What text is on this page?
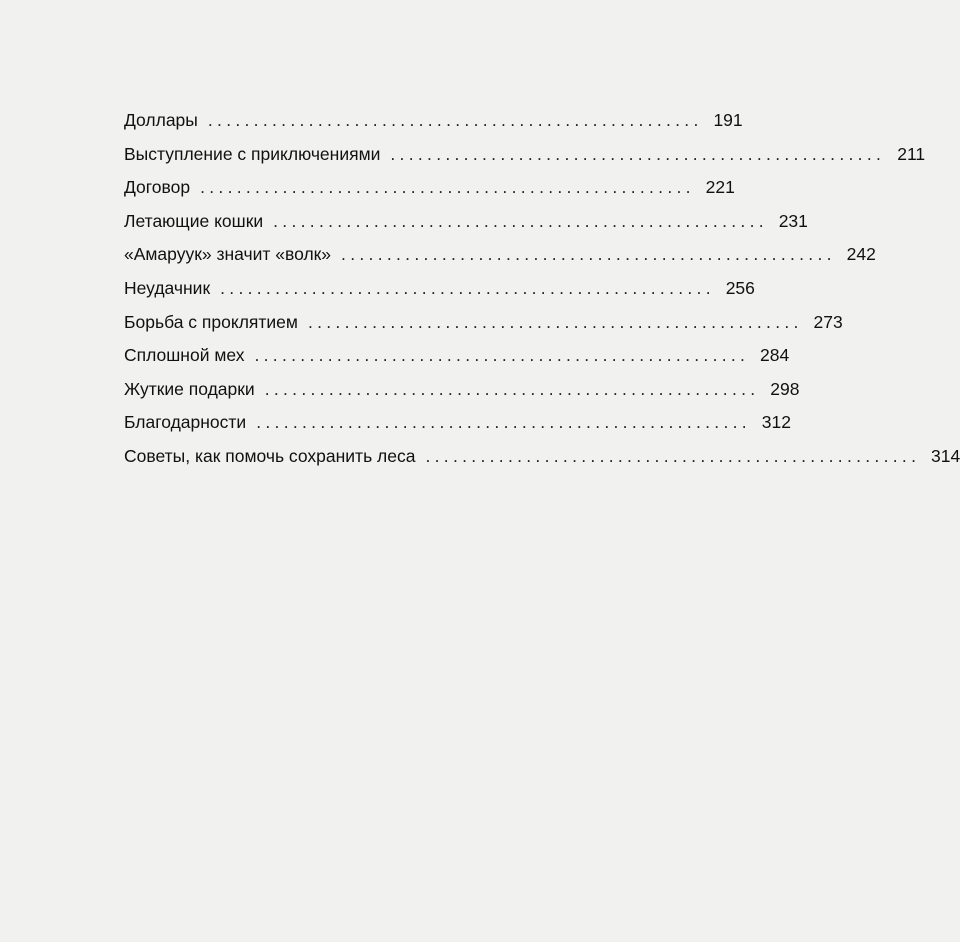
Доллары ...................................................... 191
Выступление с приключениями ...................................................... 211
Договор ...................................................... 221
Летающие кошки ...................................................... 231
«Амаруук» значит «волк» ...................................................... 242
Неудачник ...................................................... 256
Борьба с проклятием ...................................................... 273
Сплошной мех ...................................................... 284
Жуткие подарки ...................................................... 298
Благодарности ...................................................... 312
Советы, как помочь сохранить леса ...................................................... 314
